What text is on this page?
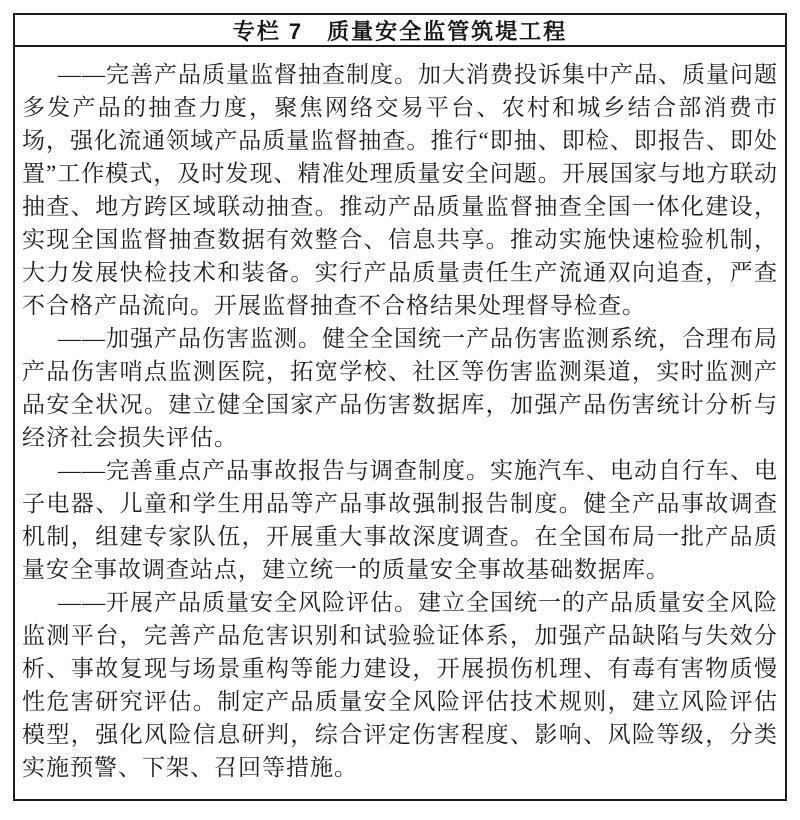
专栏 7　质量安全监管筑堤工程

——完善产品质量监督抽查制度。加大消费投诉集中产品、质量问题多发产品的抽查力度，聚焦网络交易平台、农村和城乡结合部消费市场，强化流通领域产品质量监督抽查。推行“即抽、即检、即报告、即处置”工作模式，及时发现、精准处理质量安全问题。开展国家与地方联动抽查、地方跨区域联动抽查。推动产品质量监督抽查全国一体化建设，实现全国监督抽查数据有效整合、信息共享。推动实施快速检验机制，大力发展快检技术和装备。实行产品质量责任生产流通双向追查，严查不合格产品流向。开展监督抽查不合格结果处理督导检查。

——加强产品伤害监测。健全全国统一产品伤害监测系统，合理布局产品伤害哨点监测医院，拓宽学校、社区等伤害监测渠道，实时监测产品安全状况。建立健全国家产品伤害数据库，加强产品伤害统计分析与经济社会损失评估。

——完善重点产品事故报告与调查制度。实施汽车、电动自行车、电子电器、儿童和学生用品等产品事故强制报告制度。健全产品事故调查机制，组建专家队伍，开展重大事故深度调查。在全国布局一批产品质量安全事故调查站点，建立统一的质量安全事故基础数据库。

——开展产品质量安全风险评估。建立全国统一的产品质量安全风险监测平台，完善产品危害识别和试验验证体系，加强产品缺陷与失效分析、事故复现与场景重构等能力建设，开展损伤机理、有毒有害物质慢性危害研究评估。制定产品质量安全风险评估技术规则，建立风险评估模型，强化风险信息研判，综合评定伤害程度、影响、风险等级，分类实施预警、下架、召回等措施。
